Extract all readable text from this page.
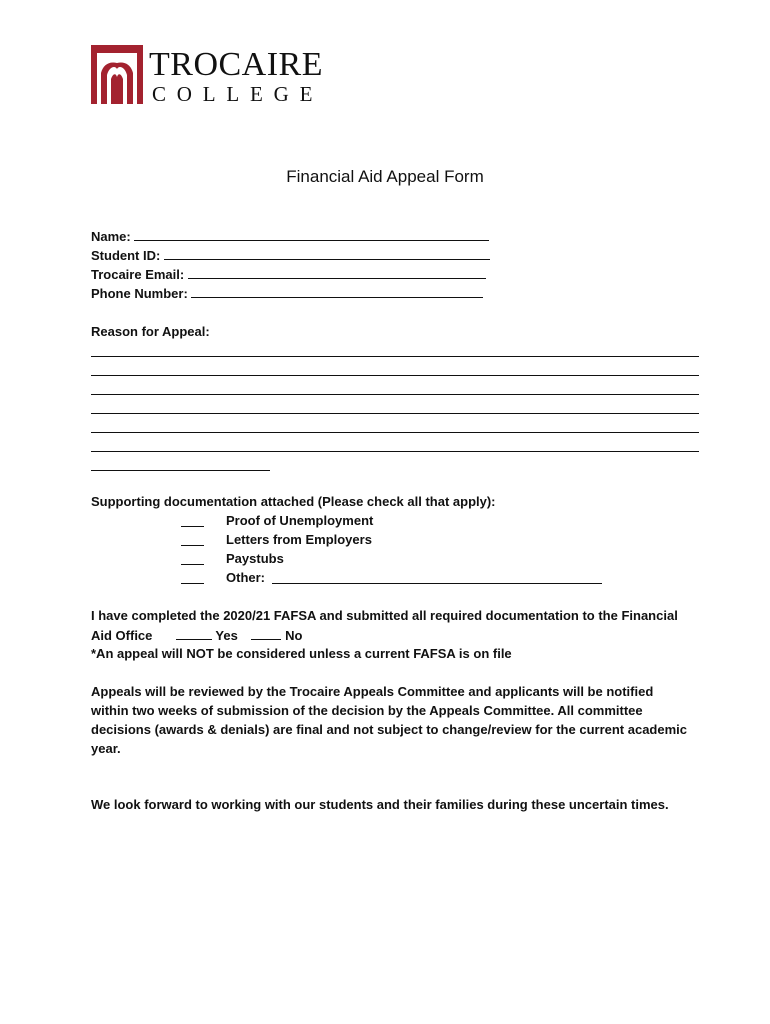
TROCAIRE
COLLEGE
Financial Aid Appeal Form
Name:
Student ID:
Trocaire Email:
Phone Number:
Reason for Appeal:
Supporting documentation attached (Please check all that apply):
Proof of Unemployment
Letters from Employers
Paystubs
Other:
I have completed the 2020/21 FAFSA and submitted all required documentation to the Financial
Aid Office	Yes	No
*An appeal will NOT be considered unless a current FAFSA is on file
Appeals will be reviewed by the Trocaire Appeals Committee and applicants will be notified
within two weeks of submission of the decision by the Appeals Committee. All committee
decisions (awards & denials) are final and not subject to change/review for the current academic
year.
We look forward to working with our students and their families during these uncertain times.
